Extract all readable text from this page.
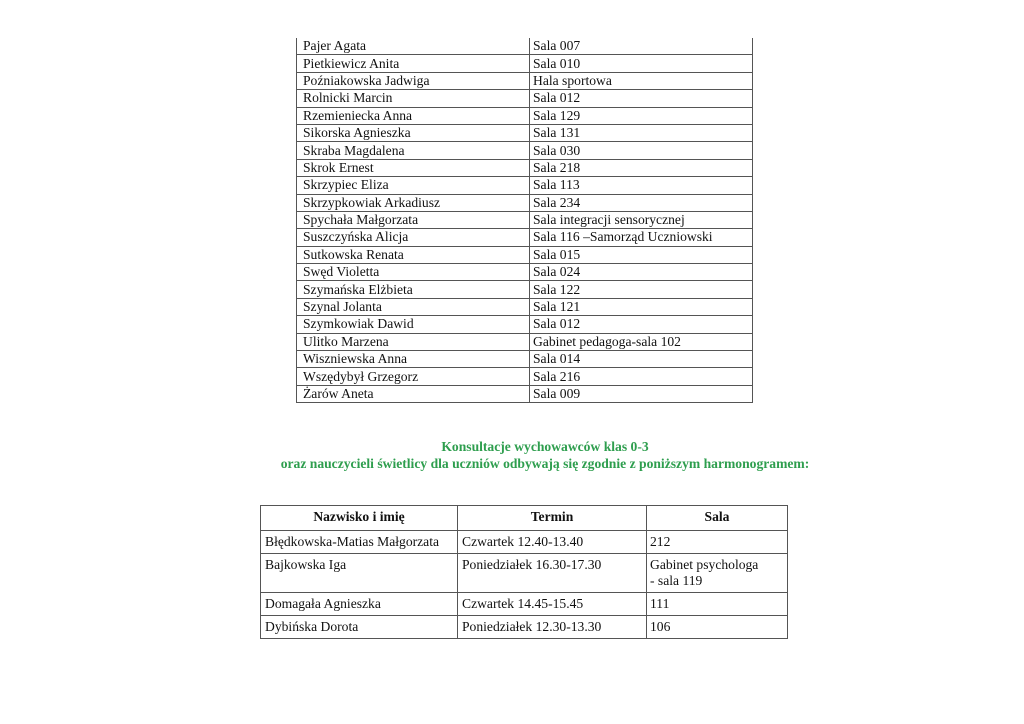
Pajer Agata	Sala 007
Pietkiewicz Anita	Sala 010
Poźniakowska Jadwiga	Hala sportowa
Rolnicki Marcin	Sala 012
Rzemieniecka Anna	Sala 129
Sikorska Agnieszka	Sala 131
Skraba Magdalena	Sala 030
Skrok Ernest	Sala 218
Skrzypiec Eliza	Sala 113
Skrzypkowiak Arkadiusz	Sala 234
Spychała Małgorzata	Sala integracji sensorycznej
Suszczyńska Alicja	Sala 116 –Samorząd Uczniowski
Sutkowska Renata	Sala 015
Swęd Violetta	Sala 024
Szymańska Elżbieta	Sala 122
Szynal Jolanta	Sala 121
Szymkowiak Dawid	Sala 012
Ulitko Marzena	Gabinet pedagoga-sala 102
Wiszniewska Anna	Sala 014
Wszędybył Grzegorz	Sala 216
Żarów Aneta	Sala 009
Konsultacje wychowawców klas 0-3
oraz nauczycieli świetlicy dla uczniów odbywają się zgodnie z poniższym harmonogramem:
Nazwisko i imię	Termin	Sala
Błędkowska-Matias Małgorzata	Czwartek 12.40-13.40	212

Bajkowska Iga	Poniedziałek 16.30-17.30	Gabinet psychologa
- sala 119

Domagała Agnieszka	Czwartek 14.45-15.45	111

Dybińska Dorota	Poniedziałek 12.30-13.30	106
